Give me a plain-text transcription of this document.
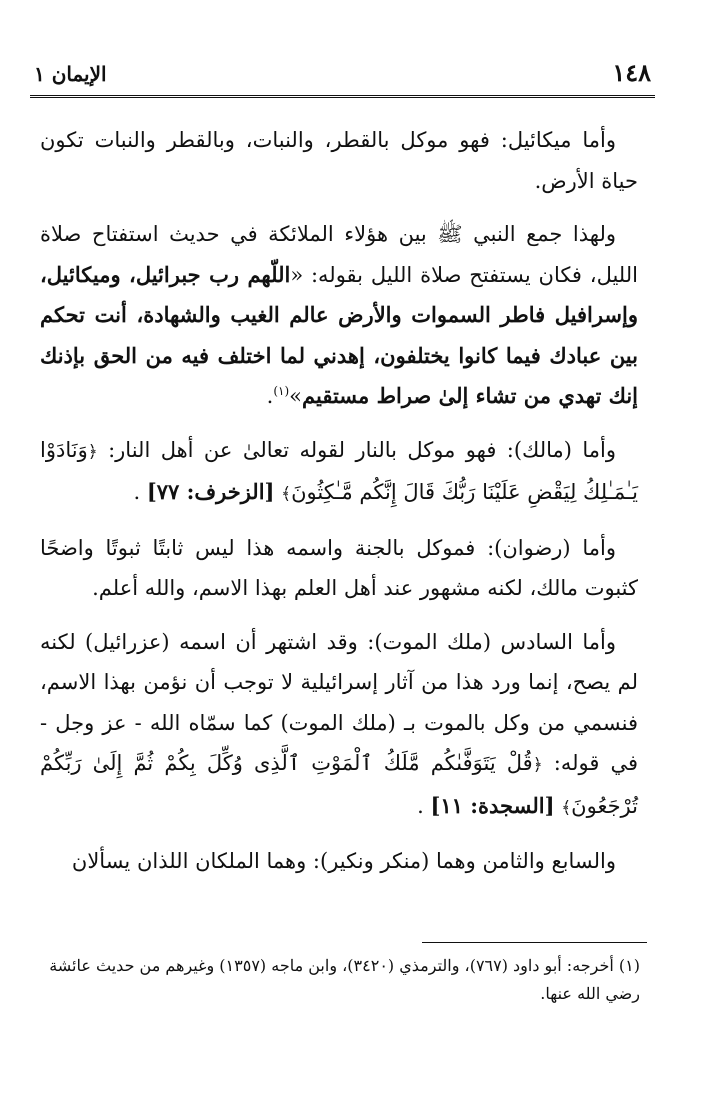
١٤٨
الإيمان ١

وأما ميكائيل: فهو موكل بالقطر، والنبات، وبالقطر والنبات تكون حياة الأرض.

ولهذا جمع النبي ﷺ بين هؤلاء الملائكة في حديث استفتاح صلاة الليل، فكان يستفتح صلاة الليل بقوله: «اللّهم رب جبرائيل، وميكائيل، وإسرافيل فاطر السموات والأرض عالم الغيب والشهادة، أنت تحكم بين عبادك فيما كانوا يختلفون، إهدني لما اختلف فيه من الحق بإذنك إنك تهدي من تشاء إلىٰ صراط مستقيم»$^{(١)}$.

وأما (مالك): فهو موكل بالنار لقوله تعالىٰ عن أهل النار: ﴿وَنَادَوْا يَـٰمَـٰلِكُ لِيَقْضِ عَلَيْنَا رَبُّكَ قَالَ إِنَّكُم مَّـٰكِثُونَ﴾ [الزخرف: ٧٧] .

وأما (رضوان): فموكل بالجنة واسمه هذا ليس ثابتًا ثبوتًا واضحًا كثبوت مالك، لكنه مشهور عند أهل العلم بهذا الاسم، والله أعلم.

وأما السادس (ملك الموت): وقد اشتهر أن اسمه (عزرائيل) لكنه لم يصح، إنما ورد هذا من آثار إسرائيلية لا توجب أن نؤمن بهذا الاسم، فنسمي من وكل بالموت بـ (ملك الموت) كما سمّاه الله - عز وجل - في قوله: ﴿قُلْ يَتَوَفَّىٰكُم مَّلَكُ ٱلْمَوْتِ ٱلَّذِى وُكِّلَ بِكُمْ ثُمَّ إِلَىٰ رَبِّكُمْ تُرْجَعُونَ﴾ [السجدة: ١١] .

والسابع والثامن وهما (منكر ونكير): وهما الملكان اللذان يسألان

(١) أخرجه: أبو داود (٧٦٧)، والترمذي (٣٤٢٠)، وابن ماجه (١٣٥٧) وغيرهم من حديث عائشة رضي الله عنها.
